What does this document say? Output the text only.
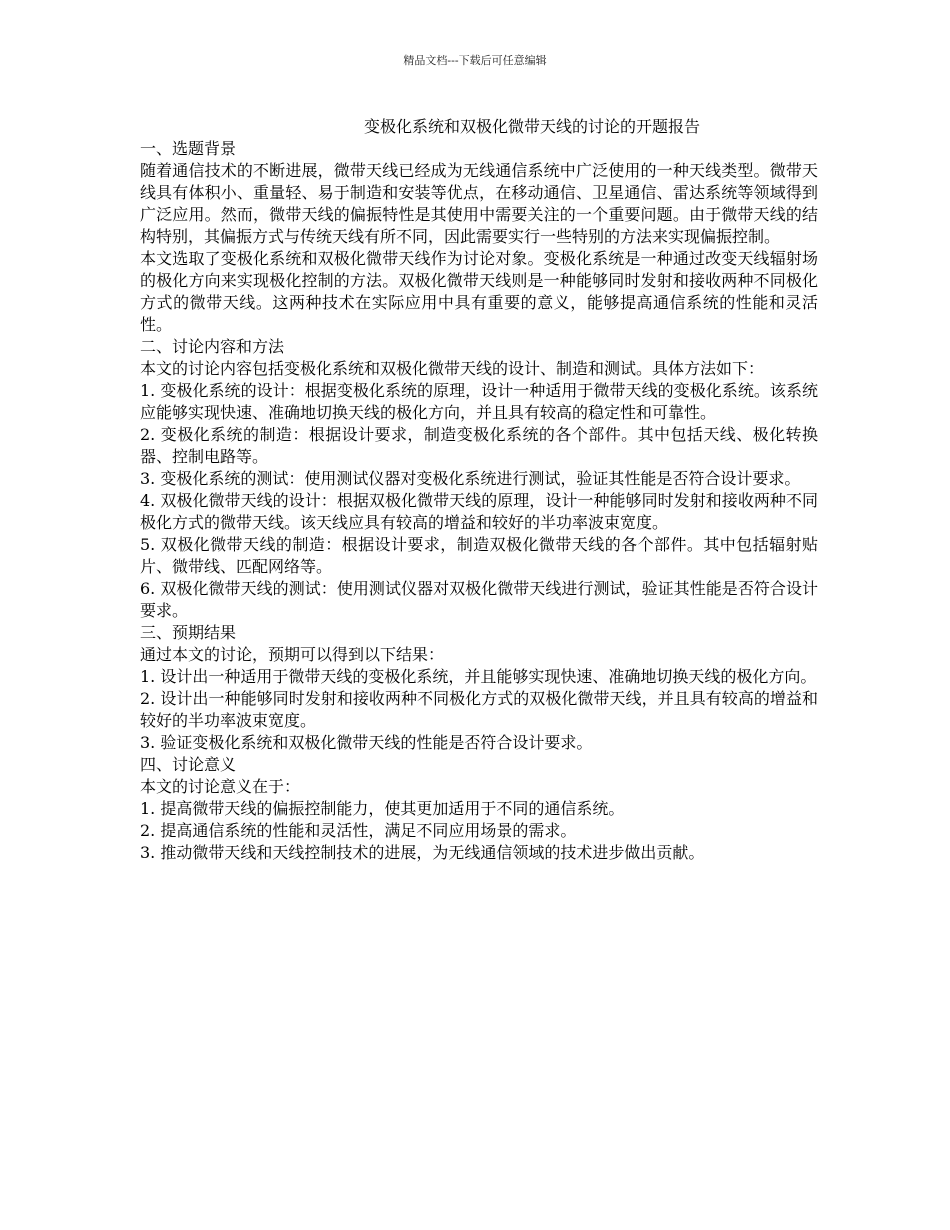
精品文档---下载后可任意编辑
变极化系统和双极化微带天线的讨论的开题报告
一、选题背景

随着通信技术的不断进展，微带天线已经成为无线通信系统中广泛使用的一种天线类型。微带天线具有体积小、重量轻、易于制造和安装等优点，在移动通信、卫星通信、雷达系统等领域得到广泛应用。然而，微带天线的偏振特性是其使用中需要关注的一个重要问题。由于微带天线的结构特别，其偏振方式与传统天线有所不同，因此需要实行一些特别的方法来实现偏振控制。

本文选取了变极化系统和双极化微带天线作为讨论对象。变极化系统是一种通过改变天线辐射场的极化方向来实现极化控制的方法。双极化微带天线则是一种能够同时发射和接收两种不同极化方式的微带天线。这两种技术在实际应用中具有重要的意义，能够提高通信系统的性能和灵活性。

二、讨论内容和方法

本文的讨论内容包括变极化系统和双极化微带天线的设计、制造和测试。具体方法如下：

1. 变极化系统的设计：根据变极化系统的原理，设计一种适用于微带天线的变极化系统。该系统应能够实现快速、准确地切换天线的极化方向，并且具有较高的稳定性和可靠性。

2. 变极化系统的制造：根据设计要求，制造变极化系统的各个部件。其中包括天线、极化转换器、控制电路等。

3. 变极化系统的测试：使用测试仪器对变极化系统进行测试，验证其性能是否符合设计要求。

4. 双极化微带天线的设计：根据双极化微带天线的原理，设计一种能够同时发射和接收两种不同极化方式的微带天线。该天线应具有较高的增益和较好的半功率波束宽度。

5. 双极化微带天线的制造：根据设计要求，制造双极化微带天线的各个部件。其中包括辐射贴片、微带线、匹配网络等。

6. 双极化微带天线的测试：使用测试仪器对双极化微带天线进行测试，验证其性能是否符合设计要求。

三、预期结果

通过本文的讨论，预期可以得到以下结果：

1. 设计出一种适用于微带天线的变极化系统，并且能够实现快速、准确地切换天线的极化方向。

2. 设计出一种能够同时发射和接收两种不同极化方式的双极化微带天线，并且具有较高的增益和较好的半功率波束宽度。

3. 验证变极化系统和双极化微带天线的性能是否符合设计要求。

四、讨论意义

本文的讨论意义在于：

1. 提高微带天线的偏振控制能力，使其更加适用于不同的通信系统。

2. 提高通信系统的性能和灵活性，满足不同应用场景的需求。

3. 推动微带天线和天线控制技术的进展，为无线通信领域的技术进步做出贡献。
